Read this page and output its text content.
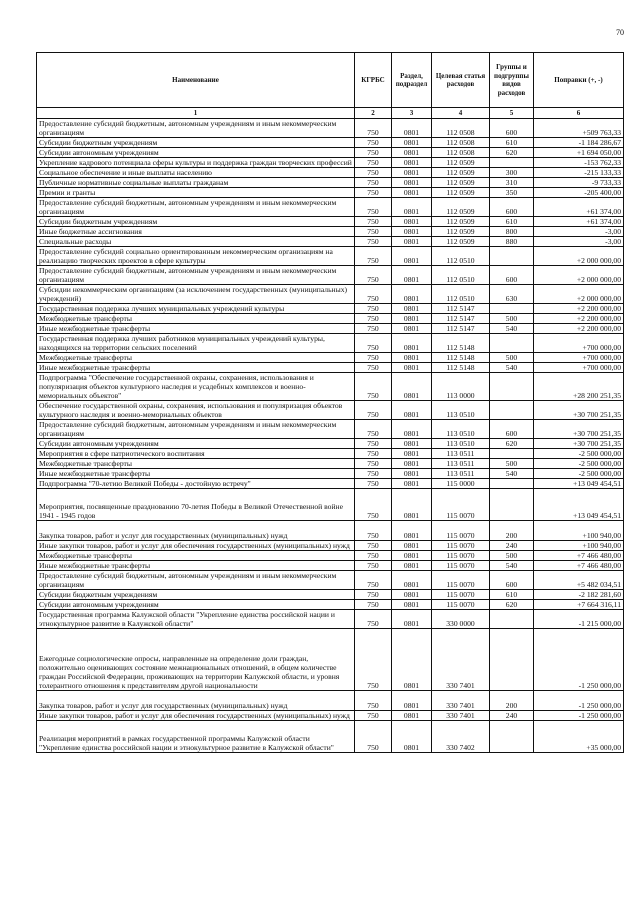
70
Наименование	КГРБС	Раздел, подраздел	Целевая статья расходов	Группы и подгруппы видов расходов	Поправки (+, -)
1	2	3	4	5	6
Предоставление субсидий бюджетным, автономным учреждениям и иным некоммерческим организациям	750	0801	112 0508	600	+509 763,33
Субсидии бюджетным учреждениям	750	0801	112 0508	610	-1 184 286,67
Субсидии автономным учреждениям	750	0801	112 0508	620	+1 694 050,00
Укрепление кадрового потенциала сферы культуры и поддержка граждан творческих профессий	750	0801	112 0509		-153 762,33
Социальное обеспечение и иные выплаты населению	750	0801	112 0509	300	-215 133,33
Публичные нормативные социальные выплаты гражданам	750	0801	112 0509	310	-9 733,33
Премии и гранты	750	0801	112 0509	350	-205 400,00
Предоставление субсидий бюджетным, автономным учреждениям и иным некоммерческим организациям	750	0801	112 0509	600	+61 374,00
Субсидии бюджетным учреждениям	750	0801	112 0509	610	+61 374,00
Иные бюджетные ассигнования	750	0801	112 0509	800	-3,00
Специальные расходы	750	0801	112 0509	880	-3,00
Предоставление субсидий социально ориентированным некоммерческим организациям на реализацию творческих проектов в сфере культуры	750	0801	112 0510		+2 000 000,00
Предоставление субсидий бюджетным, автономным учреждениям и иным некоммерческим организациям	750	0801	112 0510	600	+2 000 000,00
Субсидии некоммерческим организациям (за исключением государственных (муниципальных) учреждений)	750	0801	112 0510	630	+2 000 000,00
Государственная поддержка лучших муниципальных учреждений культуры	750	0801	112 5147		+2 200 000,00
Межбюджетные трансферты	750	0801	112 5147	500	+2 200 000,00
Иные межбюджетные трансферты	750	0801	112 5147	540	+2 200 000,00
Государственная поддержка лучших работников муниципальных учреждений культуры, находящихся на территории сельских поселений	750	0801	112 5148		+700 000,00
Межбюджетные трансферты	750	0801	112 5148	500	+700 000,00
Иные межбюджетные трансферты	750	0801	112 5148	540	+700 000,00
Подпрограмма "Обеспечение государственной охраны, сохранения, использования и популяризация объектов культурного наследия и усадебных комплексов и военно-мемориальных объектов"	750	0801	113 0000		+28 200 251,35
Обеспечение государственной охраны, сохранения, использования и популяризация объектов культурного наследия и военно-мемориальных объектов	750	0801	113 0510		+30 700 251,35
Предоставление субсидий бюджетным, автономным учреждениям и иным некоммерческим организациям	750	0801	113 0510	600	+30 700 251,35
Субсидии автономным учреждениям	750	0801	113 0510	620	+30 700 251,35
Мероприятия в сфере патриотического воспитания	750	0801	113 0511		-2 500 000,00
Межбюджетные трансферты	750	0801	113 0511	500	-2 500 000,00
Иные межбюджетные трансферты	750	0801	113 0511	540	-2 500 000,00
Подпрограмма "70-летию Великой Победы - достойную встречу"	750	0801	115 0000		+13 049 454,51
Мероприятия, посвященные празднованию 70-летия Победы в Великой Отечественной войне 1941 - 1945 годов	750	0801	115 0070		+13 049 454,51
Закупка товаров, работ и услуг для государственных (муниципальных) нужд	750	0801	115 0070	200	+100 940,00
Иные закупки товаров, работ и услуг для обеспечения государственных (муниципальных) нужд	750	0801	115 0070	240	+100 940,00
Межбюджетные трансферты	750	0801	115 0070	500	+7 466 480,00
Иные межбюджетные трансферты	750	0801	115 0070	540	+7 466 480,00
Предоставление субсидий бюджетным, автономным учреждениям и иным некоммерческим организациям	750	0801	115 0070	600	+5 482 034,51
Субсидии бюджетным учреждениям	750	0801	115 0070	610	-2 182 281,60
Субсидии автономным учреждениям	750	0801	115 0070	620	+7 664 316,11
Государственная программа Калужской области "Укрепление единства российской нации и этнокультурное развитие в Калужской области"	750	0801	330 0000		-1 215 000,00
Ежегодные социологические опросы, направленные на определение доли граждан, положительно оценивающих состояние межнациональных отношений, в общем количестве граждан Российской Федерации, проживающих на территории Калужской области, и уровня толерантного отношения к представителям другой национальности	750	0801	330 7401		-1 250 000,00
Закупка товаров, работ и услуг для государственных (муниципальных) нужд	750	0801	330 7401	200	-1 250 000,00
Иные закупки товаров, работ и услуг для обеспечения государственных (муниципальных) нужд	750	0801	330 7401	240	-1 250 000,00
Реализация мероприятий в рамках государственной программы Калужской области "Укрепление единства российской нации и этнокультурное развитие в Калужской области"	750	0801	330 7402		+35 000,00
